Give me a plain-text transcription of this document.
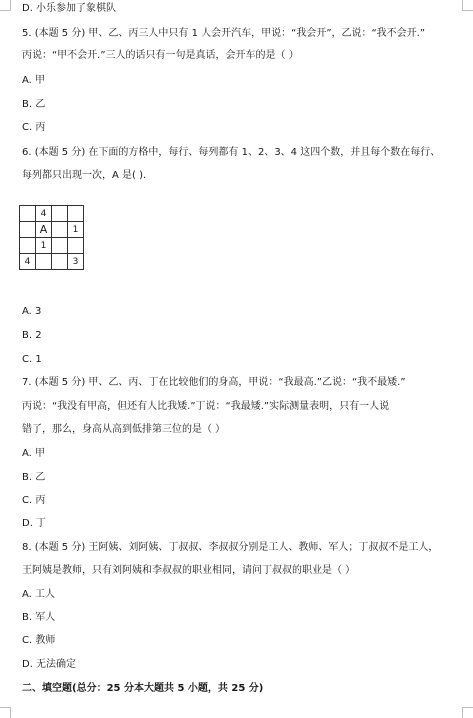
D. 小乐参加了象棋队
5. (本题 5 分) 甲、乙、丙三人中只有 1 人会开汽车，甲说：“我会开”，乙说：“我不会开.”
丙说：“甲不会开.”三人的话只有一句是真话，会开车的是（ ）
A. 甲
B. 乙
C. 丙
6. (本题 5 分) 在下面的方格中，每行、每列都有 1、2、3、4 这四个数，并且每个数在每行、
每列都只出现一次，A 是( ).
	4		
	A		1
	1		
4			3
A. 3
B. 2
C. 1
7. (本题 5 分) 甲、乙、丙、丁在比较他们的身高，甲说：“我最高.”乙说：“我不最矮.”
丙说：“我没有甲高，但还有人比我矮.”丁说：“我最矮.”实际测量表明，只有一人说
错了，那么，身高从高到低排第三位的是（ ）
A. 甲
B. 乙
C. 丙
D. 丁
8. (本题 5 分) 王阿姨、刘阿姨、丁叔叔、李叔叔分别是工人、教师、军人；丁叔叔不是工人，
王阿姨是教师，只有刘阿姨和李叔叔的职业相同，请问丁叔叔的职业是（ ）
A. 工人
B. 军人
C. 教师
D. 无法确定
二、填空题(总分：25 分本大题共 5 小题，共 25 分)
